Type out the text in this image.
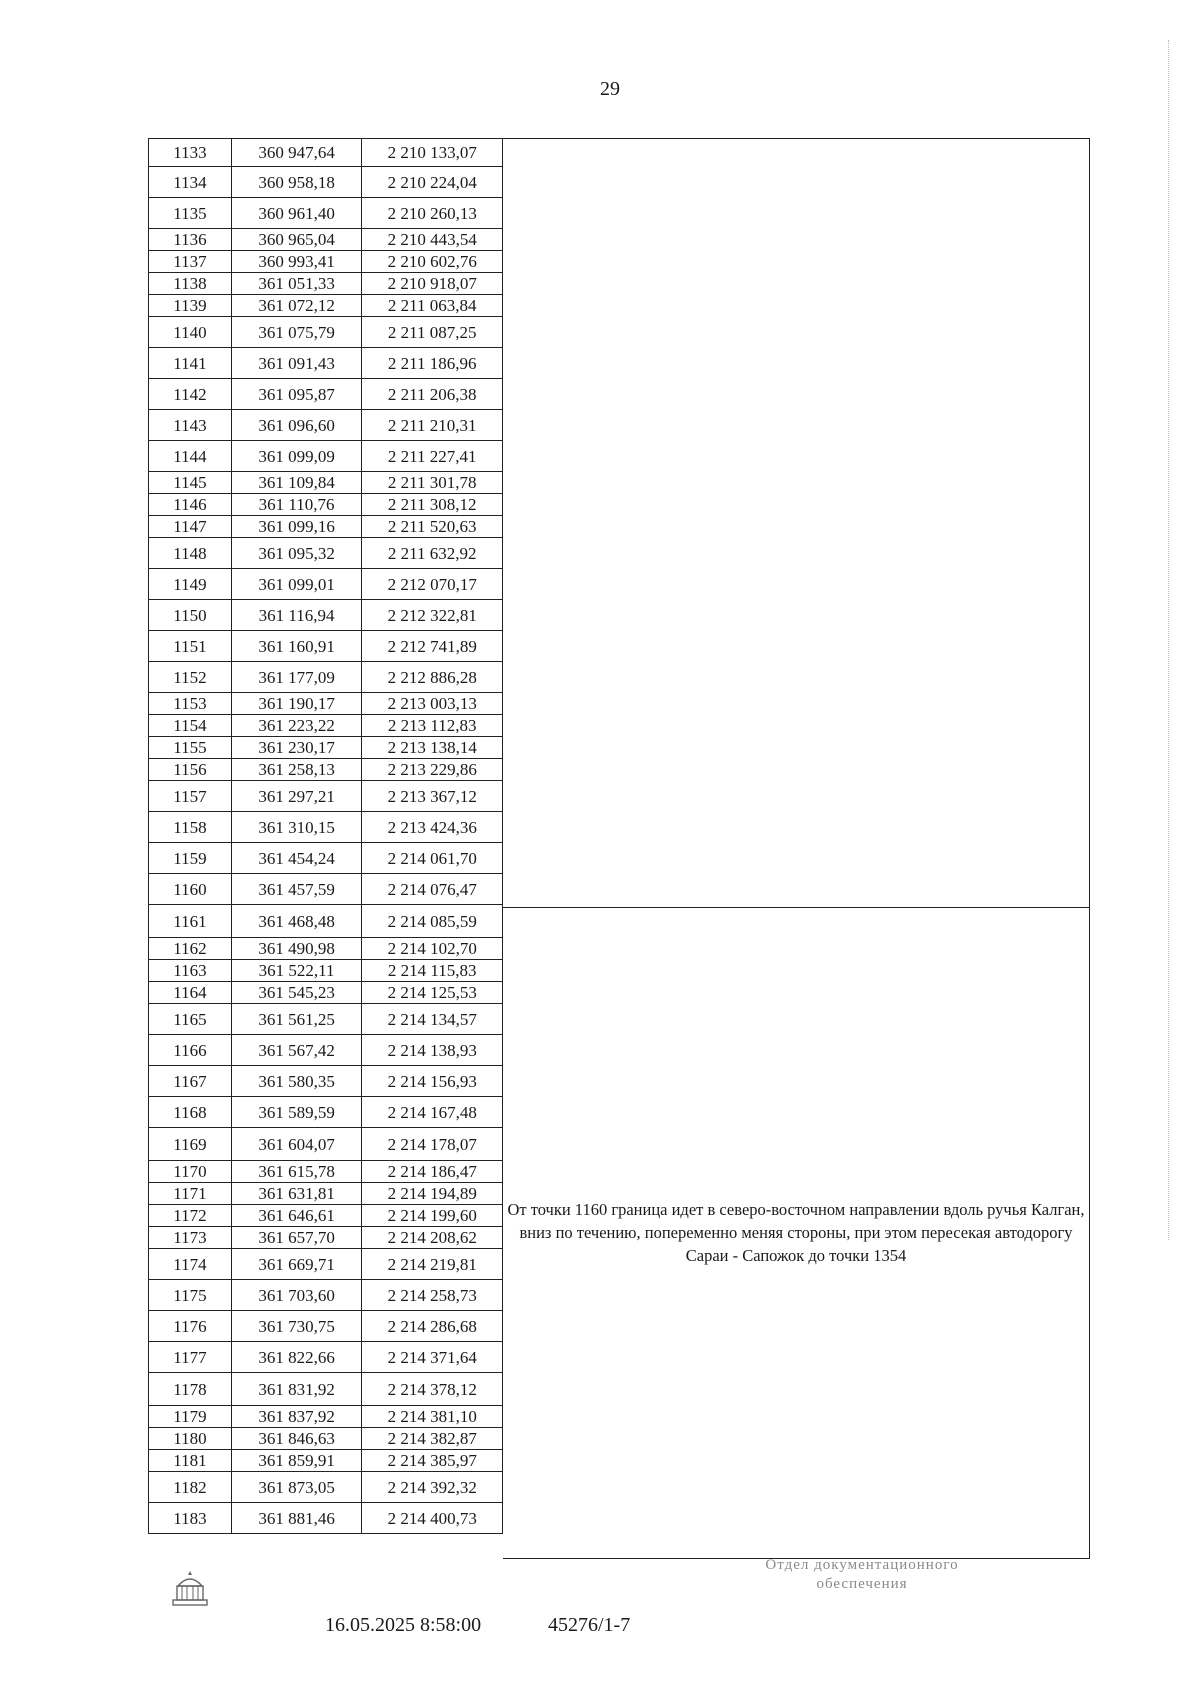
29
1133	360 947,64	2 210 133,07
1134	360 958,18	2 210 224,04
1135	360 961,40	2 210 260,13
1136	360 965,04	2 210 443,54
1137	360 993,41	2 210 602,76
1138	361 051,33	2 210 918,07
1139	361 072,12	2 211 063,84
1140	361 075,79	2 211 087,25
1141	361 091,43	2 211 186,96
1142	361 095,87	2 211 206,38
1143	361 096,60	2 211 210,31
1144	361 099,09	2 211 227,41
1145	361 109,84	2 211 301,78
1146	361 110,76	2 211 308,12
1147	361 099,16	2 211 520,63
1148	361 095,32	2 211 632,92
1149	361 099,01	2 212 070,17
1150	361 116,94	2 212 322,81
1151	361 160,91	2 212 741,89
1152	361 177,09	2 212 886,28
1153	361 190,17	2 213 003,13
1154	361 223,22	2 213 112,83
1155	361 230,17	2 213 138,14
1156	361 258,13	2 213 229,86
1157	361 297,21	2 213 367,12
1158	361 310,15	2 213 424,36
1159	361 454,24	2 214 061,70
1160	361 457,59	2 214 076,47
1161	361 468,48	2 214 085,59
1162	361 490,98	2 214 102,70
1163	361 522,11	2 214 115,83
1164	361 545,23	2 214 125,53
1165	361 561,25	2 214 134,57
1166	361 567,42	2 214 138,93
1167	361 580,35	2 214 156,93
1168	361 589,59	2 214 167,48
1169	361 604,07	2 214 178,07
1170	361 615,78	2 214 186,47
1171	361 631,81	2 214 194,89
1172	361 646,61	2 214 199,60
1173	361 657,70	2 214 208,62
1174	361 669,71	2 214 219,81
1175	361 703,60	2 214 258,73
1176	361 730,75	2 214 286,68
1177	361 822,66	2 214 371,64
1178	361 831,92	2 214 378,12
1179	361 837,92	2 214 381,10
1180	361 846,63	2 214 382,87
1181	361 859,91	2 214 385,97
1182	361 873,05	2 214 392,32
1183	361 881,46	2 214 400,73
От точки 1160 граница идет в северо-восточном направлении вдоль ручья Калган, вниз по течению, попеременно меняя стороны, при этом пересекая автодорогу Сараи - Сапожок до точки 1354
16.05.2025 8:58:00	45276/1-7
Отдел документационного
обеспечения
